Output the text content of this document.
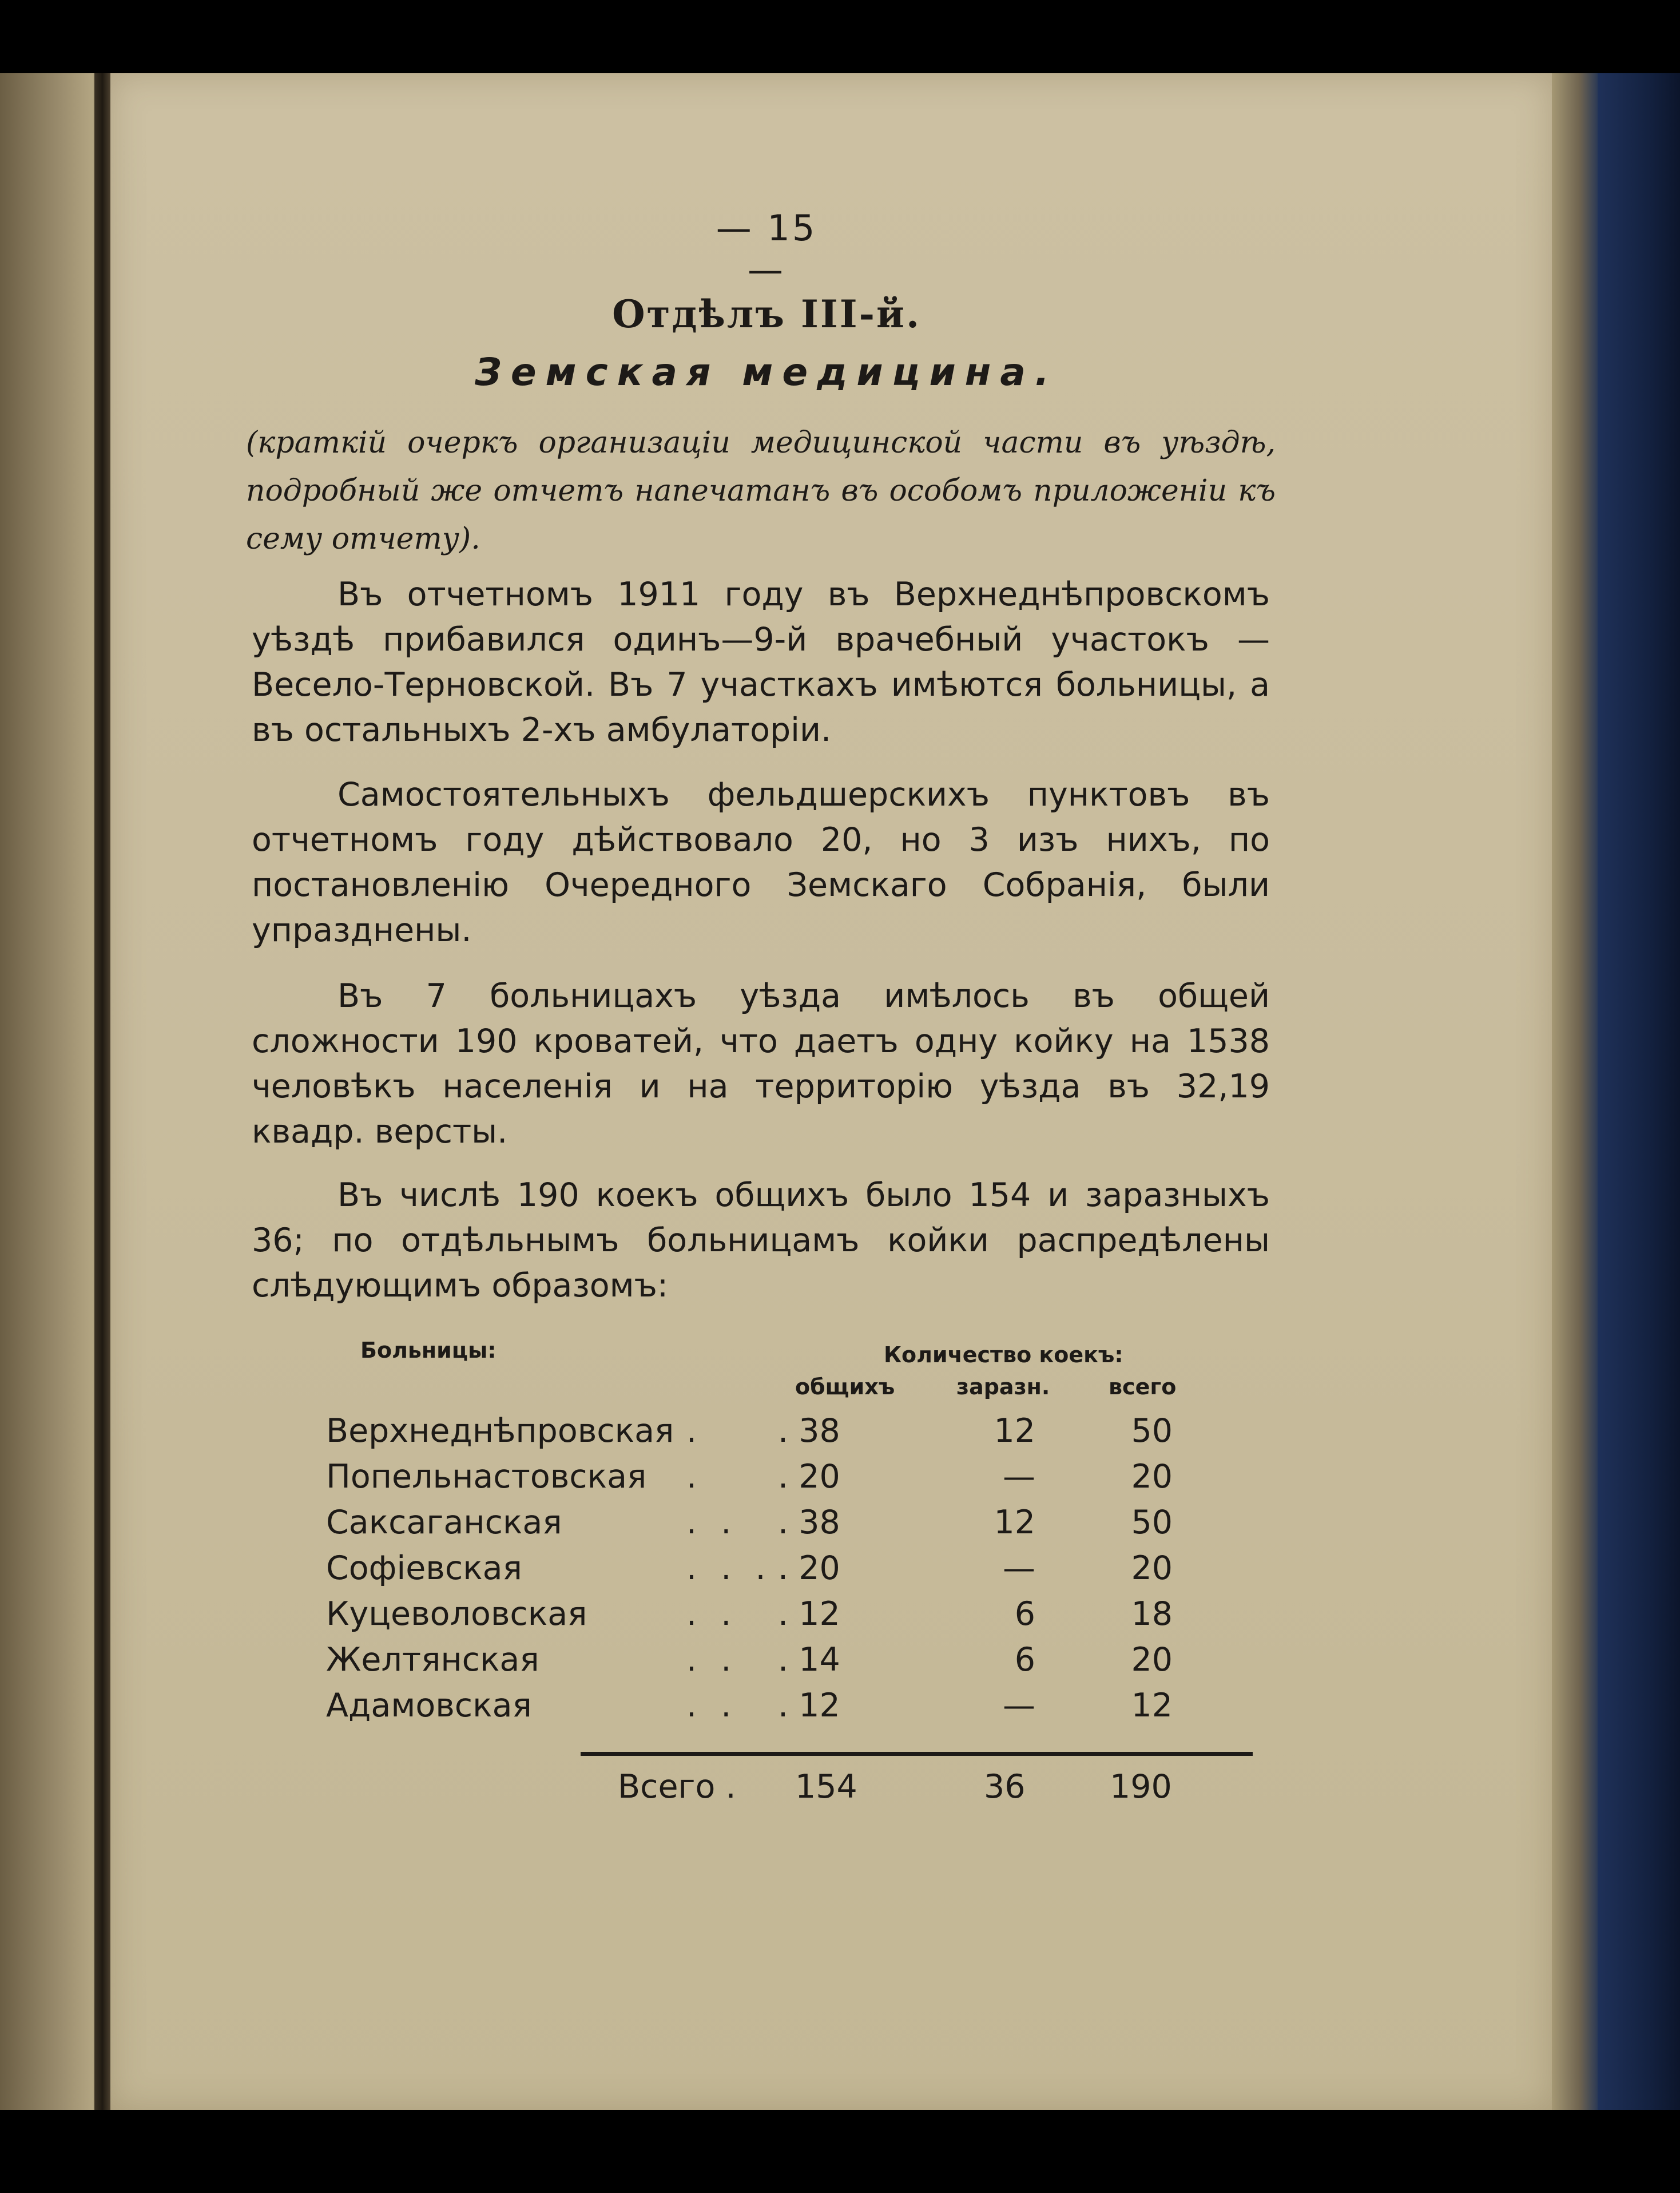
— 15 —
Отдѣлъ III-й.
Земская медицина.
(краткій очеркъ организаціи медицинской части въ уѣздѣ, подробный же отчетъ напечатанъ въ особомъ приложеніи къ сему отчету).
Въ отчетномъ 1911 году въ Верхнеднѣпровскомъ уѣздѣ прибавился одинъ—9-й врачебный участокъ — Весело-Терновской. Въ 7 участкахъ имѣются больницы, а въ остальныхъ 2-хъ амбулаторіи.
Самостоятельныхъ фельдшерскихъ пунктовъ въ отчетномъ году дѣйствовало 20, но 3 изъ нихъ, по постановленію Очередного Земскаго Собранія, были упразднены.
Въ 7 больницахъ уѣзда имѣлось въ общей сложности 190 кроватей, что даетъ одну койку на 1538 человѣкъ населенія и на территорію уѣзда въ 32,19 квадр. версты.
Въ числѣ 190 коекъ общихъ было 154 и заразныхъ 36; по отдѣльнымъ больницамъ койки распредѣлены слѣдующимъ образомъ:
Больницы:	Количество коекъ:
общихъ	заразн.	всего
Верхнеднѣпровская . . 38	12	50
Попельнастовская . . 20	—	20
Саксаганская	. . . 38	12	50
Софіевская	. . . . 20	—	20
Куцеволовская	. . . 12	6	18
Желтянская	. . . 14	6	20
Адамовская	. . . 12	—	12
Всего . 154	36	190
